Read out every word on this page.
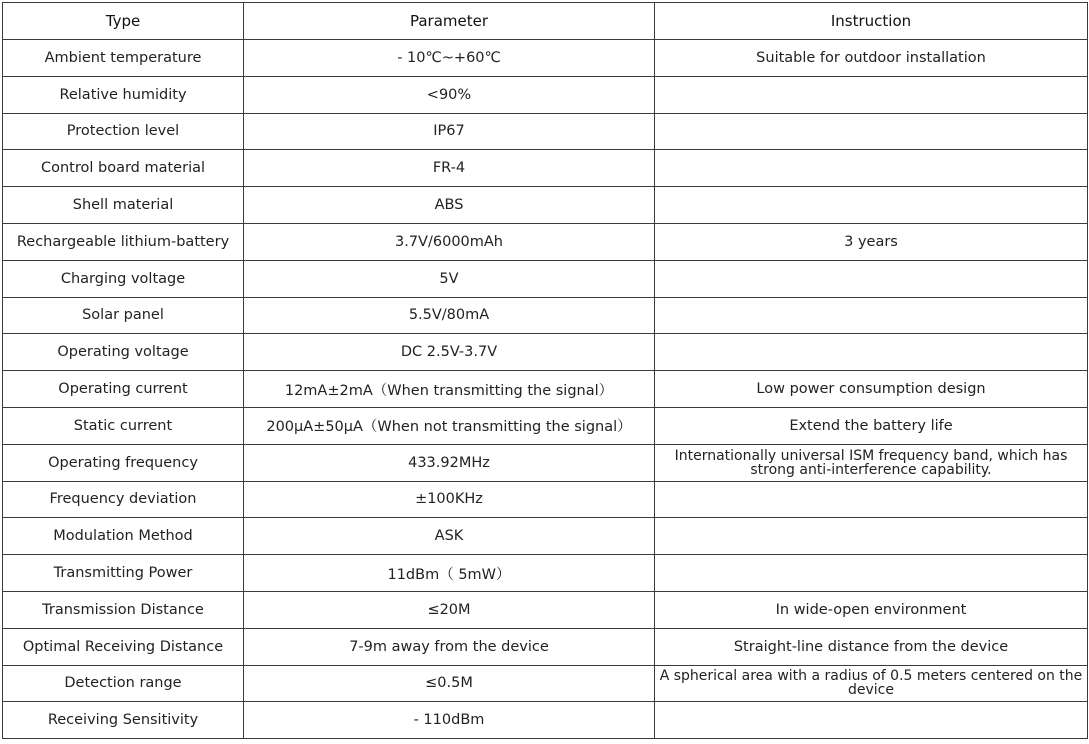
Type	Parameter	Instruction
Ambient temperature	- 10℃~+60℃	Suitable for outdoor installation
Relative humidity	<90%	
Protection level	IP67	
Control board material	FR-4	
Shell material	ABS	
Rechargeable lithium-battery	3.7V/6000mAh	3 years
Charging voltage	5V	
Solar panel	5.5V/80mA	
Operating voltage	DC 2.5V-3.7V	
Operating current	12mA±2mA（When transmitting the signal）	Low power consumption design
Static current	200μA±50μA（When not transmitting the signal）	Extend the battery life
Operating frequency	433.92MHz	Internationally universal ISM frequency band, which has strong anti-interference capability.
Frequency deviation	±100KHz	
Modulation Method	ASK	
Transmitting Power	11dBm（ 5mW）	
Transmission Distance	≤20M	In wide-open environment
Optimal Receiving Distance	7-9m away from the device	Straight-line distance from the device
Detection range	≤0.5M	A spherical area with a radius of 0.5 meters centered on the device
Receiving Sensitivity	- 110dBm	
